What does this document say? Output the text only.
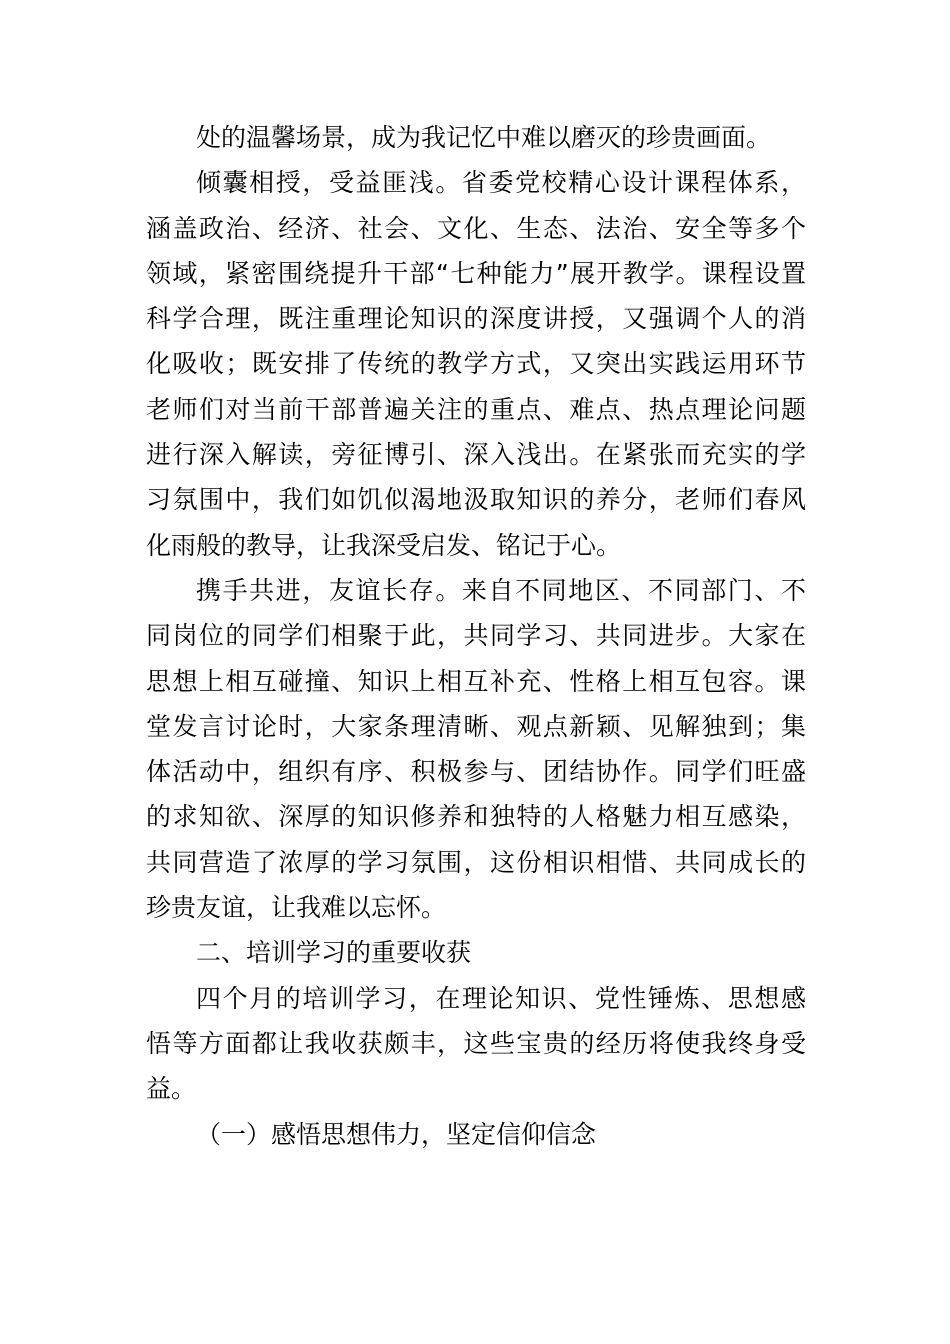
处的温馨场景，成为我记忆中难以磨灭的珍贵画面。

倾囊相授，受益匪浅。省委党校精心设计课程体系，
涵盖政治、经济、社会、文化、生态、法治、安全等多个
领域，紧密围绕提升干部“七种能力”展开教学。课程设置
科学合理，既注重理论知识的深度讲授，又强调个人的消
化吸收；既安排了传统的教学方式，又突出实践运用环节
老师们对当前干部普遍关注的重点、难点、热点理论问题
进行深入解读，旁征博引、深入浅出。在紧张而充实的学
习氛围中，我们如饥似渴地汲取知识的养分，老师们春风
化雨般的教导，让我深受启发、铭记于心。

携手共进，友谊长存。来自不同地区、不同部门、不
同岗位的同学们相聚于此，共同学习、共同进步。大家在
思想上相互碰撞、知识上相互补充、性格上相互包容。课
堂发言讨论时，大家条理清晰、观点新颖、见解独到；集
体活动中，组织有序、积极参与、团结协作。同学们旺盛
的求知欲、深厚的知识修养和独特的人格魅力相互感染，
共同营造了浓厚的学习氛围，这份相识相惜、共同成长的
珍贵友谊，让我难以忘怀。

二、培训学习的重要收获

四个月的培训学习，在理论知识、党性锤炼、思想感
悟等方面都让我收获颇丰，这些宝贵的经历将使我终身受
益。

（一）感悟思想伟力，坚定信仰信念
